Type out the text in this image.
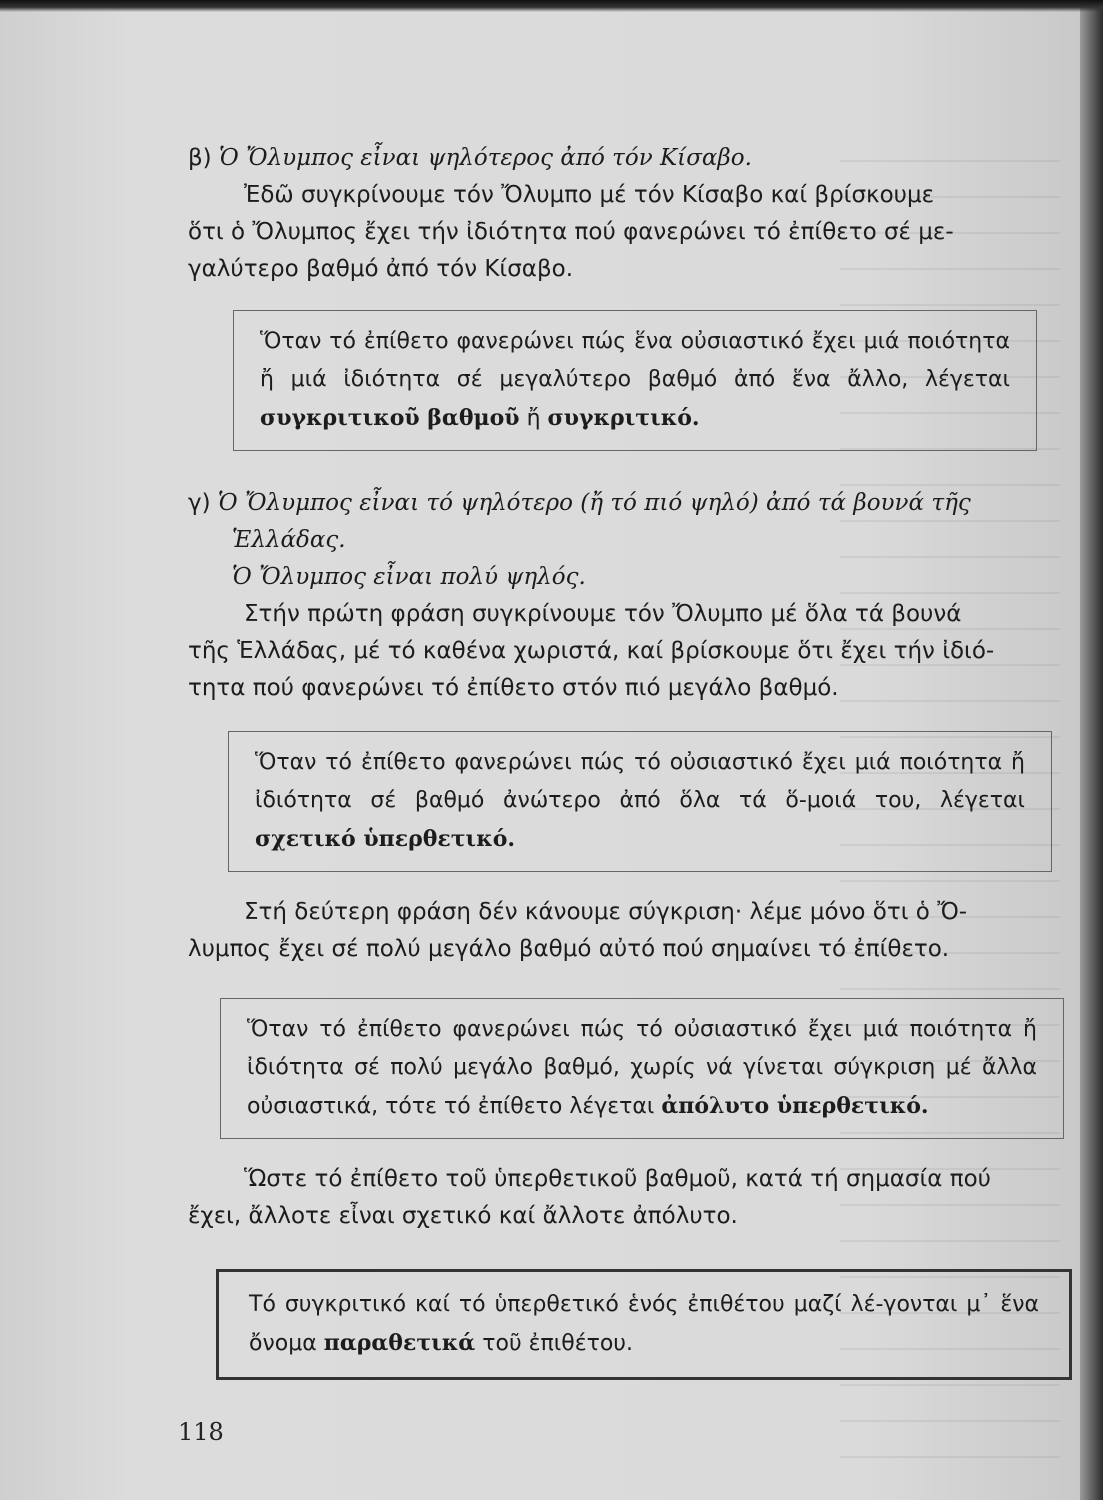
β) Ὁ Ὄλυμπος εἶναι ψηλότερος ἀπό τόν Κίσαβο.
Ἐδῶ συγκρίνουμε τόν Ὄλυμπο μέ τόν Κίσαβο καί βρίσκουμε
ὅτι ὁ Ὄλυμπος ἔχει τήν ἰδιότητα πού φανερώνει τό ἐπίθετο σέ με-
γαλύτερο βαθμό ἀπό τόν Κίσαβο.
Ὅταν τό ἐπίθετο φανερώνει πώς ἕνα οὐσιαστικό ἔχει μιά ποιότητα ἤ μιά ἰδιότητα σέ μεγαλύτερο βαθμό ἀπό ἕνα ἄλλο, λέγεται συγκριτικοῦ βαθμοῦ ἤ συγκριτικό.
γ) Ὁ Ὄλυμπος εἶναι τό ψηλότερο (ἤ τό πιό ψηλό) ἀπό τά βουνά τῆς
Ἑλλάδας.
Ὁ Ὄλυμπος εἶναι πολύ ψηλός.
Στήν πρώτη φράση συγκρίνουμε τόν Ὄλυμπο μέ ὅλα τά βουνά
τῆς Ἑλλάδας, μέ τό καθένα χωριστά, καί βρίσκουμε ὅτι ἔχει τήν ἰδιό-
τητα πού φανερώνει τό ἐπίθετο στόν πιό μεγάλο βαθμό.
Ὅταν τό ἐπίθετο φανερώνει πώς τό οὐσιαστικό ἔχει μιά ποιότητα ἤ ἰδιότητα σέ βαθμό ἀνώτερο ἀπό ὅλα τά ὅ-μοιά του, λέγεται σχετικό ὑπερθετικό.
Στή δεύτερη φράση δέν κάνουμε σύγκριση· λέμε μόνο ὅτι ὁ Ὄ-
λυμπος ἔχει σέ πολύ μεγάλο βαθμό αὐτό πού σημαίνει τό ἐπίθετο.
Ὅταν τό ἐπίθετο φανερώνει πώς τό οὐσιαστικό ἔχει μιά ποιότητα ἤ ἰδιότητα σέ πολύ μεγάλο βαθμό, χωρίς νά γίνεται σύγκριση μέ ἄλλα οὐσιαστικά, τότε τό ἐπίθετο λέγεται ἀπόλυτο ὑπερθετικό.
Ὥστε τό ἐπίθετο τοῦ ὑπερθετικοῦ βαθμοῦ, κατά τή σημασία πού
ἔχει, ἄλλοτε εἶναι σχετικό καί ἄλλοτε ἀπόλυτο.
Τό συγκριτικό καί τό ὑπερθετικό ἑνός ἐπιθέτου μαζί λέ-γονται μ᾿ ἕνα ὄνομα παραθετικά τοῦ ἐπιθέτου.
118
